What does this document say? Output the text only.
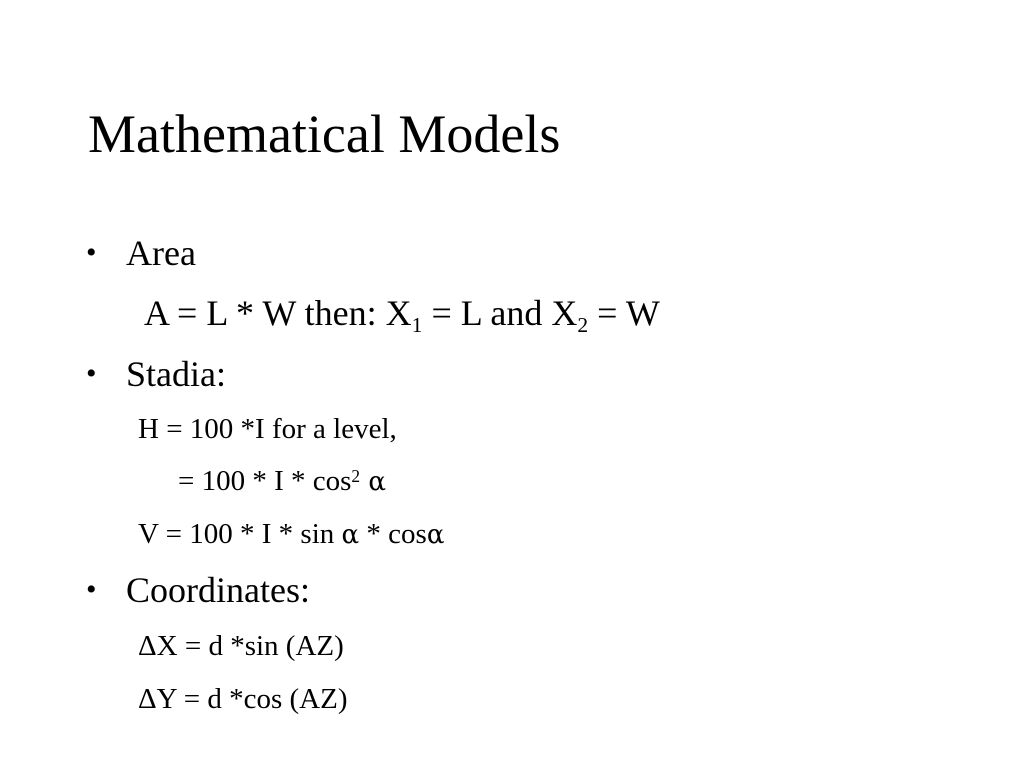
Mathematical Models
• Area
A = L * W then: $X_1 = L$ and $X_2 = W$
• Stadia:
H = 100 *I for a level,
= 100 * I * $\cos^2 \alpha$
V = 100 * I * sin α * cosα
• Coordinates:
ΔX = d *sin (AZ)
ΔY = d *cos (AZ)
